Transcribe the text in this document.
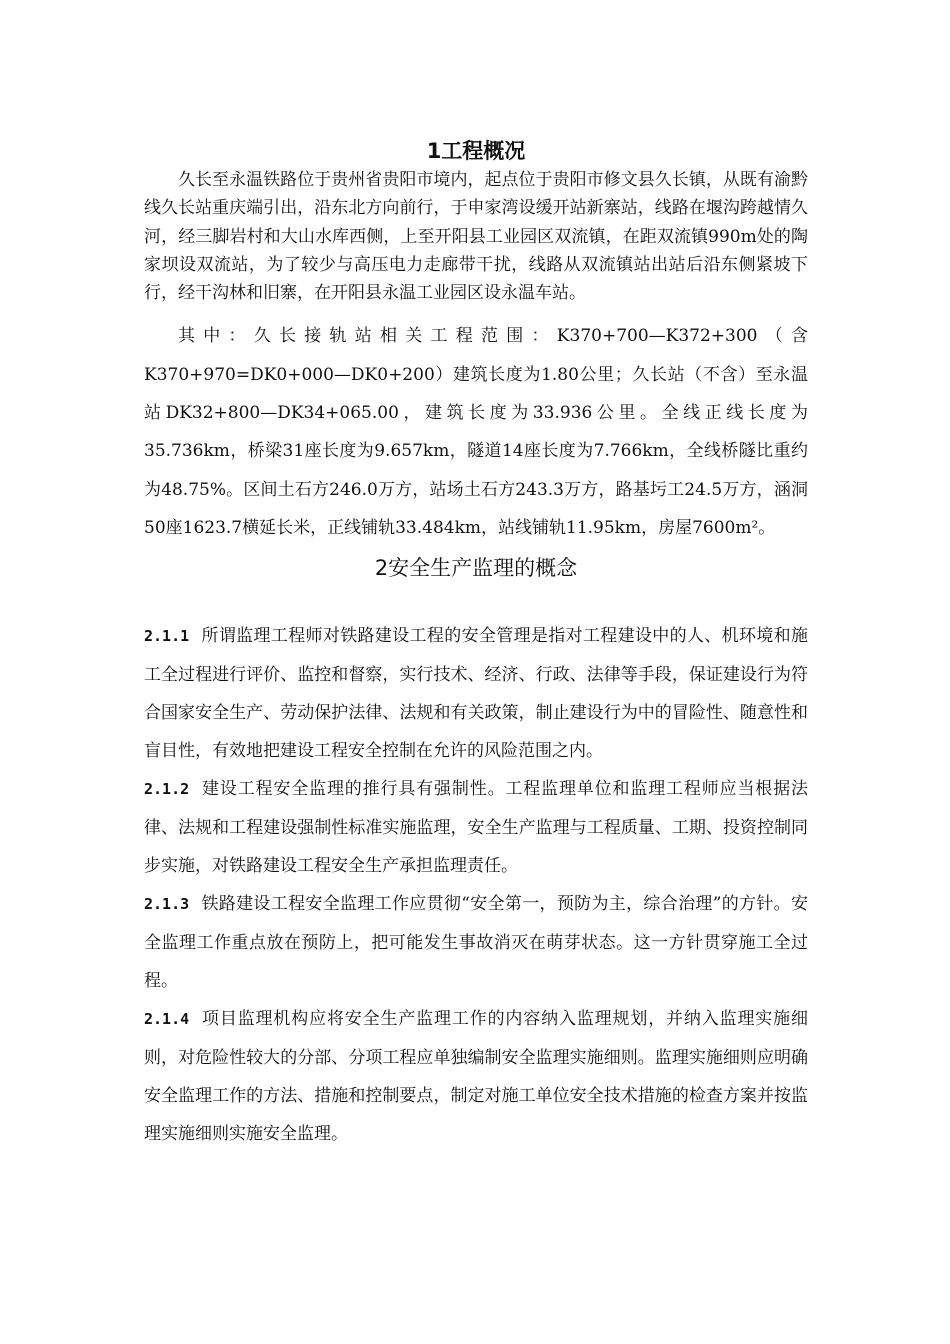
1工程概况

久长至永温铁路位于贵州省贵阳市境内，起点位于贵阳市修文县久长镇，从既有渝黔线久长站重庆端引出，沿东北方向前行，于申家湾设缓开站新寨站，线路在堰沟跨越情久河，经三脚岩村和大山水库西侧，上至开阳县工业园区双流镇，在距双流镇990m处的陶家坝设双流站，为了较少与高压电力走廊带干扰，线路从双流镇站出站后沿东侧紧坡下行，经干沟林和旧寨，在开阳县永温工业园区设永温车站。

其中：久长接轨站相关工程范围：K370+700—K372+300（含K370+970=DK0+000—DK0+200）建筑长度为1.80公里；久长站（不含）至永温站DK32+800—DK34+065.00，建筑长度为33.936公里。全线正线长度为35.736km，桥梁31座长度为9.657km，隧道14座长度为7.766km，全线桥隧比重约为48.75%。区间土石方246.0万方，站场土石方243.3万方，路基圬工24.5万方，涵洞50座1623.7横延长米，正线铺轨33.484km，站线铺轨11.95km，房屋7600m²。

2安全生产监理的概念

2.1.1 所谓监理工程师对铁路建设工程的安全管理是指对工程建设中的人、机环境和施工全过程进行评价、监控和督察，实行技术、经济、行政、法律等手段，保证建设行为符合国家安全生产、劳动保护法律、法规和有关政策，制止建设行为中的冒险性、随意性和盲目性，有效地把建设工程安全控制在允许的风险范围之内。

2.1.2 建设工程安全监理的推行具有强制性。工程监理单位和监理工程师应当根据法律、法规和工程建设强制性标准实施监理，安全生产监理与工程质量、工期、投资控制同步实施，对铁路建设工程安全生产承担监理责任。

2.1.3 铁路建设工程安全监理工作应贯彻“安全第一，预防为主，综合治理”的方针。安全监理工作重点放在预防上，把可能发生事故消灭在萌芽状态。这一方针贯穿施工全过程。

2.1.4 项目监理机构应将安全生产监理工作的内容纳入监理规划，并纳入监理实施细则，对危险性较大的分部、分项工程应单独编制安全监理实施细则。监理实施细则应明确安全监理工作的方法、措施和控制要点，制定对施工单位安全技术措施的检查方案并按监理实施细则实施安全监理。
